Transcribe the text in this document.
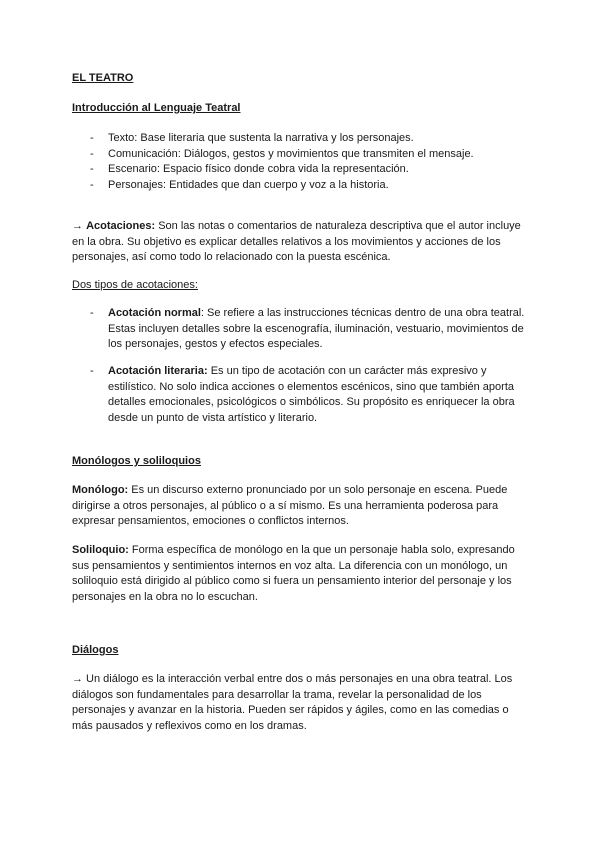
EL TEATRO
Introducción al Lenguaje Teatral
- Texto: Base literaria que sustenta la narrativa y los personajes.
- Comunicación: Diálogos, gestos y movimientos que transmiten el mensaje.
- Escenario: Espacio físico donde cobra vida la representación.
- Personajes: Entidades que dan cuerpo y voz a la historia.

→ Acotaciones: Son las notas o comentarios de naturaleza descriptiva que el autor incluye en la obra. Su objetivo es explicar detalles relativos a los movimientos y acciones de los personajes, así como todo lo relacionado con la puesta escénica.

Dos tipos de acotaciones:
- Acotación normal: Se refiere a las instrucciones técnicas dentro de una obra teatral. Estas incluyen detalles sobre la escenografía, iluminación, vestuario, movimientos de los personajes, gestos y efectos especiales.
- Acotación literaria: Es un tipo de acotación con un carácter más expresivo y estilístico. No solo indica acciones o elementos escénicos, sino que también aporta detalles emocionales, psicológicos o simbólicos. Su propósito es enriquecer la obra desde un punto de vista artístico y literario.
Monólogos y soliloquios

Monólogo: Es un discurso externo pronunciado por un solo personaje en escena. Puede dirigirse a otros personajes, al público o a sí mismo. Es una herramienta poderosa para expresar pensamientos, emociones o conflictos internos.

Soliloquio: Forma específica de monólogo en la que un personaje habla solo, expresando sus pensamientos y sentimientos internos en voz alta. La diferencia con un monólogo, un soliloquio está dirigido al público como si fuera un pensamiento interior del personaje y los personajes en la obra no lo escuchan.

Diálogos

→ Un diálogo es la interacción verbal entre dos o más personajes en una obra teatral. Los diálogos son fundamentales para desarrollar la trama, revelar la personalidad de los personajes y avanzar en la historia. Pueden ser rápidos y ágiles, como en las comedias o más pausados y reflexivos como en los dramas.
